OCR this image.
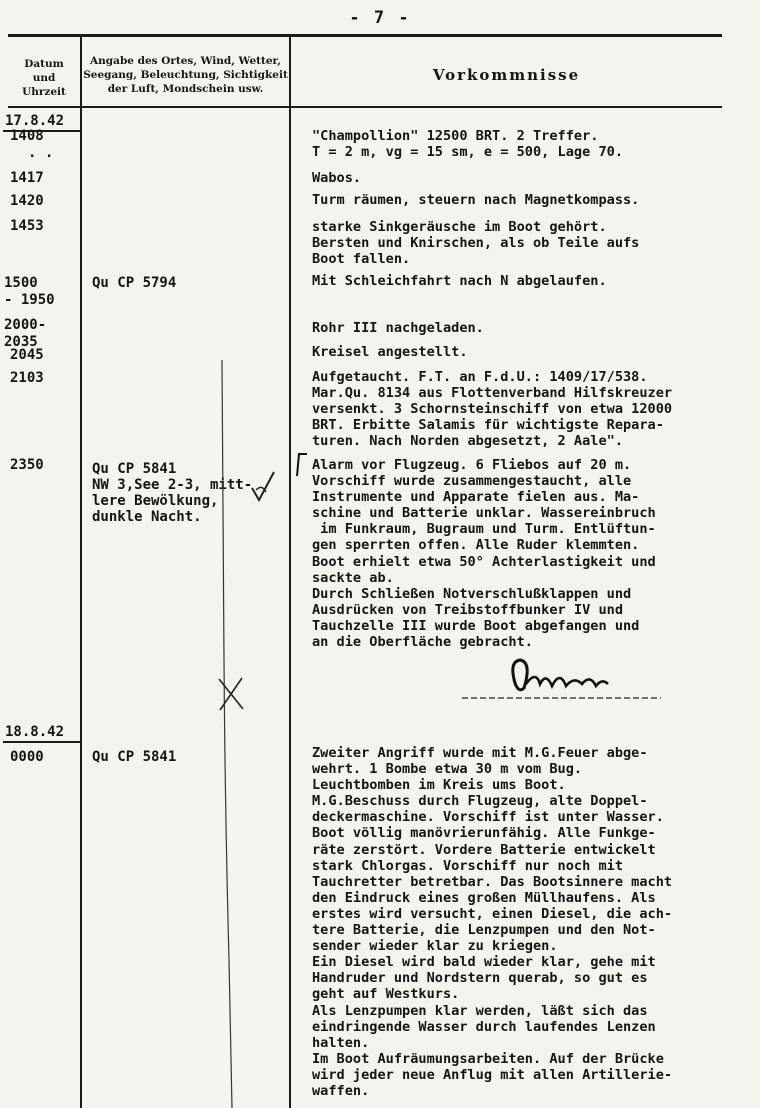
- 7 -
Datum
und
Uhrzeit
Angabe des Ortes, Wind, Wetter,
Seegang, Beleuchtung, Sichtigkeit
der Luft, Mondschein usw.
Vorkommnisse
17.8.42
18.8.42
1408
. .
1417
1420
1453
1500
- 1950
2000-
2035
2045
2103
2350
0000
Qu CP 5794
Qu CP 5841
NW 3,See 2-3, mitt-
lere Bewölkung,
dunkle Nacht.
Qu CP 5841
"Champollion" 12500 BRT. 2 Treffer.
T = 2 m, vg = 15 sm, e = 500, Lage 70.
Wabos.
Turm räumen, steuern nach Magnetkompass.
starke Sinkgeräusche im Boot gehört.
Bersten und Knirschen, als ob Teile aufs
Boot fallen.
Mit Schleichfahrt nach N abgelaufen.
Rohr III nachgeladen.
Kreisel angestellt.
Aufgetaucht. F.T. an F.d.U.: 1409/17/538.
Mar.Qu. 8134 aus Flottenverband Hilfskreuzer
versenkt. 3 Schornsteinschiff von etwa 12000
BRT. Erbitte Salamis für wichtigste Repara-
turen. Nach Norden abgesetzt, 2 Aale".
Alarm vor Flugzeug. 6 Fliebos auf 20 m.
Vorschiff wurde zusammengestaucht, alle
Instrumente und Apparate fielen aus. Ma-
schine und Batterie unklar. Wassereinbruch
im Funkraum, Bugraum und Turm. Entlüftun-
gen sperrten offen. Alle Ruder klemmten.
Boot erhielt etwa 50° Achterlastigkeit und
sackte ab.
Durch Schließen Notverschlußklappen und
Ausdrücken von Treibstoffbunker IV und
Tauchzelle III wurde Boot abgefangen und
an die Oberfläche gebracht.
Zweiter Angriff wurde mit M.G.Feuer abge-
wehrt. 1 Bombe etwa 30 m vom Bug.
Leuchtbomben im Kreis ums Boot.
M.G.Beschuss durch Flugzeug, alte Doppel-
deckermaschine. Vorschiff ist unter Wasser.
Boot völlig manövrierunfähig. Alle Funkge-
räte zerstört. Vordere Batterie entwickelt
stark Chlorgas. Vorschiff nur noch mit
Tauchretter betretbar. Das Bootsinnere macht
den Eindruck eines großen Müllhaufens. Als
erstes wird versucht, einen Diesel, die ach-
tere Batterie, die Lenzpumpen und den Not-
sender wieder klar zu kriegen.
Ein Diesel wird bald wieder klar, gehe mit
Handruder und Nordstern querab, so gut es
geht auf Westkurs.
Als Lenzpumpen klar werden, läßt sich das
eindringende Wasser durch laufendes Lenzen
halten.
Im Boot Aufräumungsarbeiten. Auf der Brücke
wird jeder neue Anflug mit allen Artillerie-
waffen.
